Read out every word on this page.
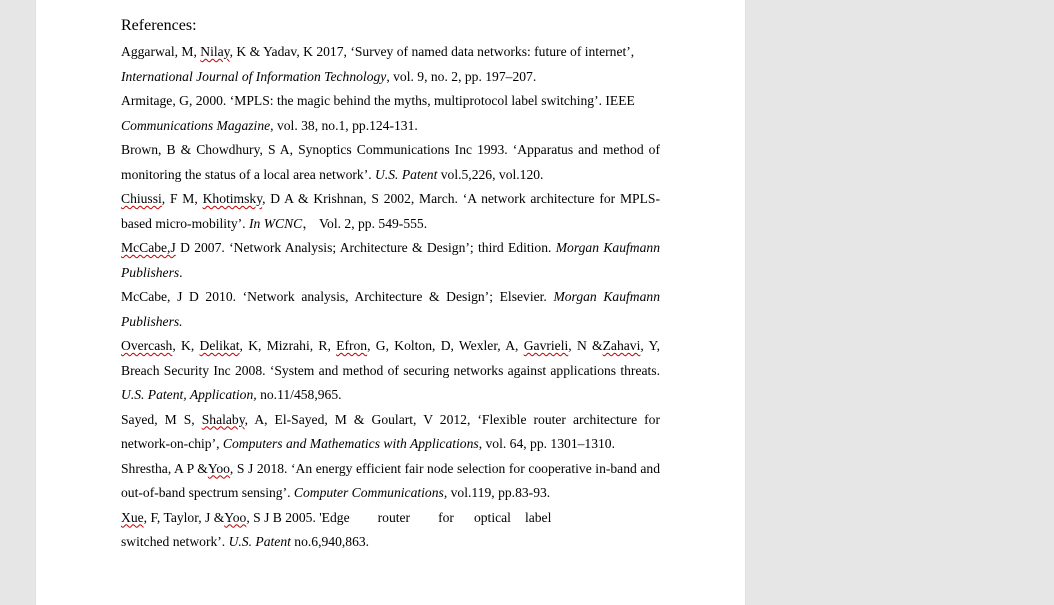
References:

Aggarwal, M, Nilay, K & Yadav, K 2017, ‘Survey of named data networks: future of internet’,
International Journal of Information Technology, vol. 9, no. 2, pp. 197–207.

Armitage, G, 2000. ‘MPLS: the magic behind the myths, multiprotocol label switching’. IEEE
Communications Magazine, vol. 38, no.1, pp.124-131.

Brown, B & Chowdhury, S A, Synoptics Communications Inc 1993. ‘Apparatus and method of monitoring the status of a local area network’. U.S. Patent vol.5,226, vol.120.

Chiussi, F M, Khotimsky, D A & Krishnan, S 2002, March. ‘A network architecture for MPLS-based micro-mobility’. In WCNC， Vol. 2, pp. 549-555.

McCabe,J D 2007. ‘Network Analysis; Architecture & Design’; third Edition. Morgan Kaufmann Publishers.

McCabe, J D 2010. ‘Network analysis, Architecture & Design’; Elsevier. Morgan Kaufmann Publishers.

Overcash, K, Delikat, K, Mizrahi, R, Efron, G, Kolton, D, Wexler, A, Gavrieli, N &Zahavi, Y, Breach Security Inc 2008. ‘System and method of securing networks against applications threats. U.S. Patent, Application, no.11/458,965.

Sayed, M S, Shalaby, A, El-Sayed, M & Goulart, V 2012, ‘Flexible router architecture for network-on-chip’, Computers and Mathematics with Applications, vol. 64, pp. 1301–1310.

Shrestha, A P &Yoo, S J 2018. ‘An energy efficient fair node selection for cooperative in-band and out-of-band spectrum sensing’. Computer Communications, vol.119, pp.83-93.

Xue, F, Taylor, J &Yoo, S J B 2005. 'Edge router for optical label
switched network’. U.S. Patent no.6,940,863.
